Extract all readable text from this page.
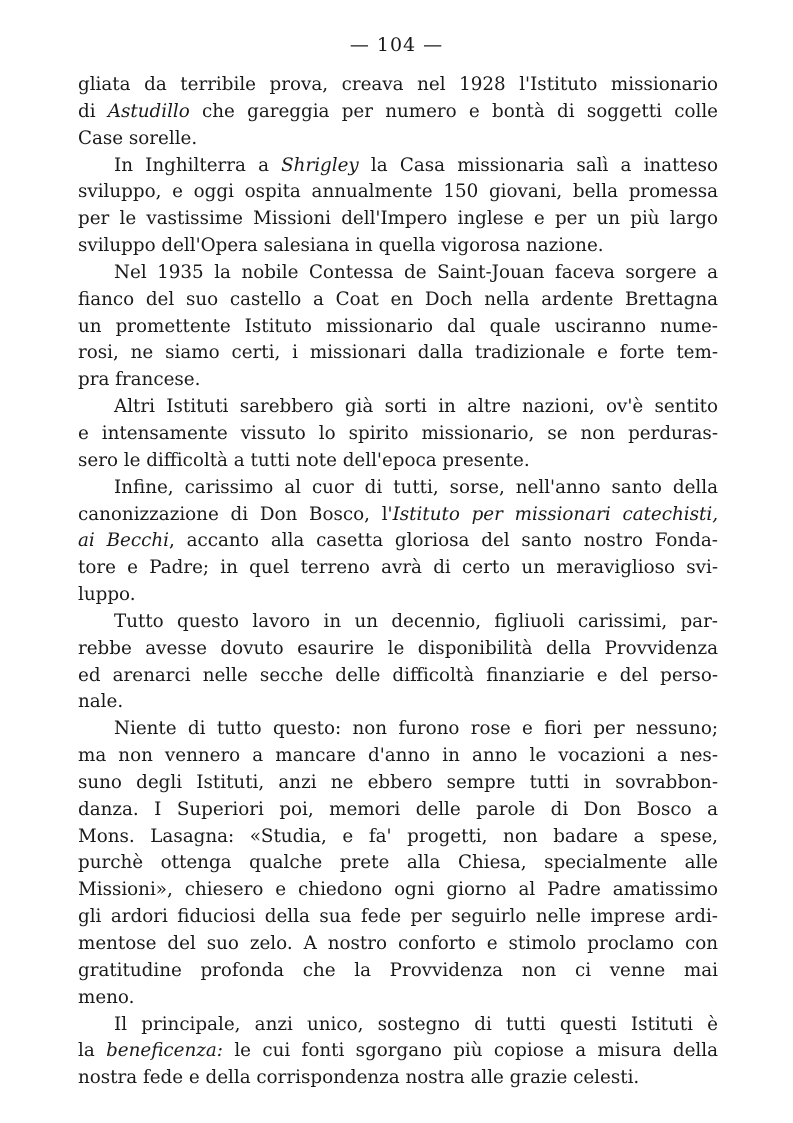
— 104 —

gliata da terribile prova, creava nel 1928 l'Istituto missionario

di Astudillo che gareggia per numero e bontà di soggetti colle

Case sorelle.

In Inghilterra a Shrigley la Casa missionaria salì a inatteso

sviluppo, e oggi ospita annualmente 150 giovani, bella promessa

per le vastissime Missioni dell'Impero inglese e per un più largo

sviluppo dell'Opera salesiana in quella vigorosa nazione.

Nel 1935 la nobile Contessa de Saint-Jouan faceva sorgere a

fianco del suo castello a Coat en Doch nella ardente Brettagna

un promettente Istituto missionario dal quale usciranno nume-

rosi, ne siamo certi, i missionari dalla tradizionale e forte tem-

pra francese.

Altri Istituti sarebbero già sorti in altre nazioni, ov'è sentito

e intensamente vissuto lo spirito missionario, se non perduras-

sero le difficoltà a tutti note dell'epoca presente.

Infine, carissimo al cuor di tutti, sorse, nell'anno santo della

canonizzazione di Don Bosco, l'Istituto per missionari catechisti,

ai Becchi, accanto alla casetta gloriosa del santo nostro Fonda-

tore e Padre; in quel terreno avrà di certo un meraviglioso svi-

luppo.

Tutto questo lavoro in un decennio, figliuoli carissimi, par-

rebbe avesse dovuto esaurire le disponibilità della Provvidenza

ed arenarci nelle secche delle difficoltà finanziarie e del perso-

nale.

Niente di tutto questo: non furono rose e fiori per nessuno;

ma non vennero a mancare d'anno in anno le vocazioni a nes-

suno degli Istituti, anzi ne ebbero sempre tutti in sovrabbon-

danza. I Superiori poi, memori delle parole di Don Bosco a

Mons. Lasagna: «Studia, e fa' progetti, non badare a spese,

purchè ottenga qualche prete alla Chiesa, specialmente alle

Missioni», chiesero e chiedono ogni giorno al Padre amatissimo

gli ardori fiduciosi della sua fede per seguirlo nelle imprese ardi-

mentose del suo zelo. A nostro conforto e stimolo proclamo con

gratitudine profonda che la Provvidenza non ci venne mai

meno.

Il principale, anzi unico, sostegno di tutti questi Istituti è

la beneficenza: le cui fonti sgorgano più copiose a misura della

nostra fede e della corrispondenza nostra alle grazie celesti.
